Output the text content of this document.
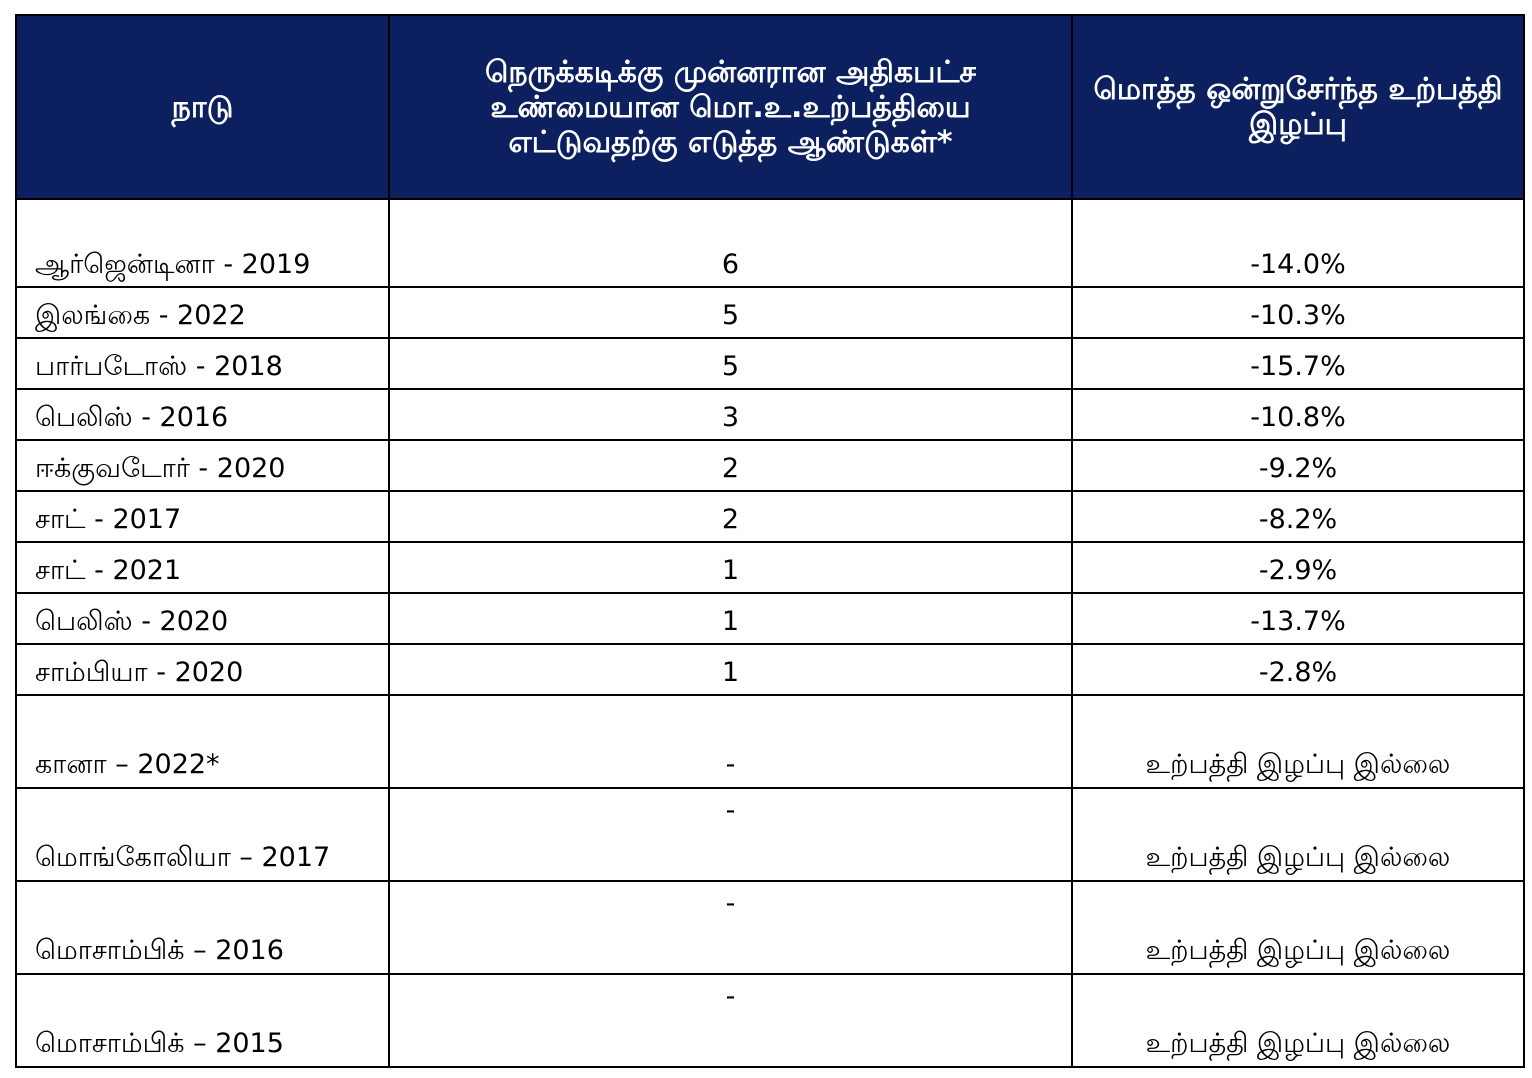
நாடு	நெருக்கடிக்கு முன்னரான அதிகபட்ச உண்மையான மொ.உ.உற்பத்தியை எட்டுவதற்கு எடுத்த ஆண்டுகள்*	மொத்த ஒன்றுசேர்ந்த உற்பத்தி இழப்பு
ஆர்ஜென்டினா - 2019	6	-14.0%
இலங்கை - 2022	5	-10.3%
பார்படோஸ் - 2018	5	-15.7%
பெலிஸ் - 2016	3	-10.8%
ஈக்குவடோர் - 2020	2	-9.2%
சாட் - 2017	2	-8.2%
சாட் - 2021	1	-2.9%
பெலிஸ் - 2020	1	-13.7%
சாம்பியா - 2020	1	-2.8%
கானா – 2022*	-	உற்பத்தி இழப்பு இல்லை
மொங்கோலியா – 2017	-	உற்பத்தி இழப்பு இல்லை
மொசாம்பிக் – 2016	-	உற்பத்தி இழப்பு இல்லை
மொசாம்பிக் – 2015	-	உற்பத்தி இழப்பு இல்லை
